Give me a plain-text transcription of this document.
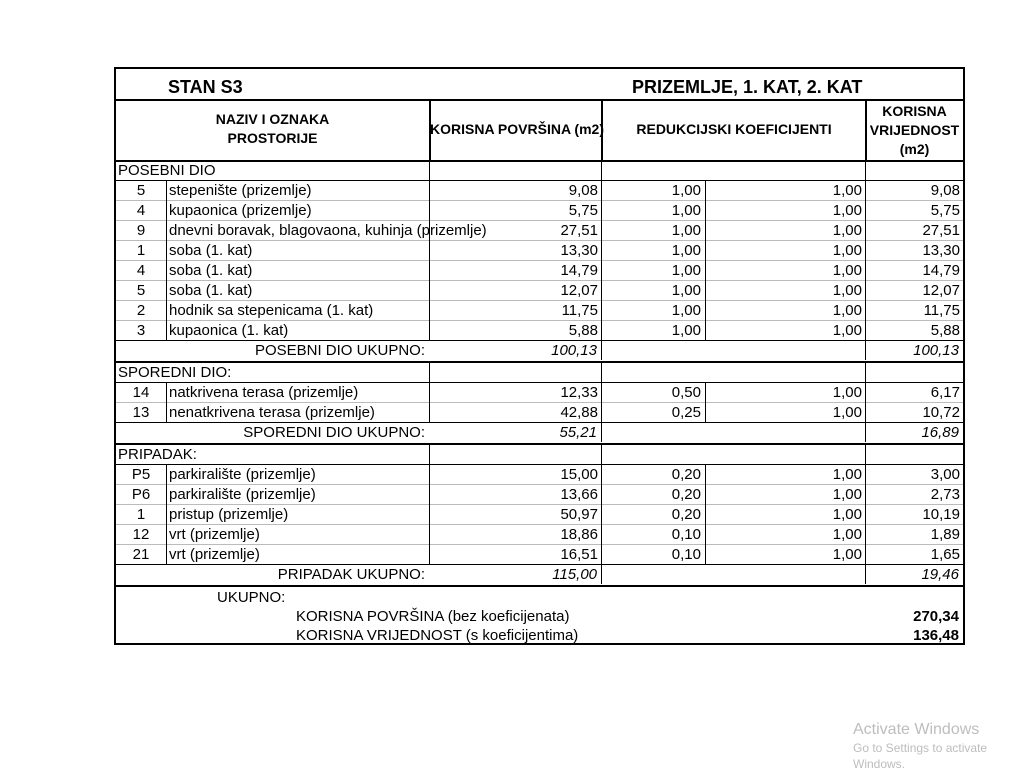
STAN S3	PRIZEMLJE, 1. KAT, 2. KAT
NAZIV I OZNAKA
PROSTORIJE
KORISNA POVRŠINA (m2)	REDUKCIJSKI KOEFICIJENTI
KORISNA
VRIJEDNOST
(m2)
POSEBNI DIO
5	stepenište (prizemlje)	9,08	1,00	1,00	9,08
4	kupaonica (prizemlje)	5,75	1,00	1,00	5,75
9	dnevni boravak, blagovaona, kuhinja (prizemlje)	27,51	1,00	1,00	27,51
1	soba (1. kat)	13,30	1,00	1,00	13,30
4	soba (1. kat)	14,79	1,00	1,00	14,79
5	soba (1. kat)	12,07	1,00	1,00	12,07
2	hodnik sa stepenicama (1. kat)	11,75	1,00	1,00	11,75
3	kupaonica (1. kat)	5,88	1,00	1,00	5,88
POSEBNI DIO UKUPNO:	100,13	100,13
SPOREDNI DIO:
14	natkrivena terasa (prizemlje)	12,33	0,50	1,00	6,17
13	nenatkrivena terasa (prizemlje)	42,88	0,25	1,00	10,72
SPOREDNI DIO UKUPNO:	55,21	16,89
PRIPADAK:
P5	parkiralište (prizemlje)	15,00	0,20	1,00	3,00
P6	parkiralište (prizemlje)	13,66	0,20	1,00	2,73
1	pristup (prizemlje)	50,97	0,20	1,00	10,19
12	vrt (prizemlje)	18,86	0,10	1,00	1,89
21	vrt (prizemlje)	16,51	0,10	1,00	1,65
PRIPADAK UKUPNO:	115,00	19,46
UKUPNO:
KORISNA POVRŠINA (bez koeficijenata)	270,34
KORISNA VRIJEDNOST (s koeficijentima)	136,48
Activate Windows
Go to Settings to activate Windows.
